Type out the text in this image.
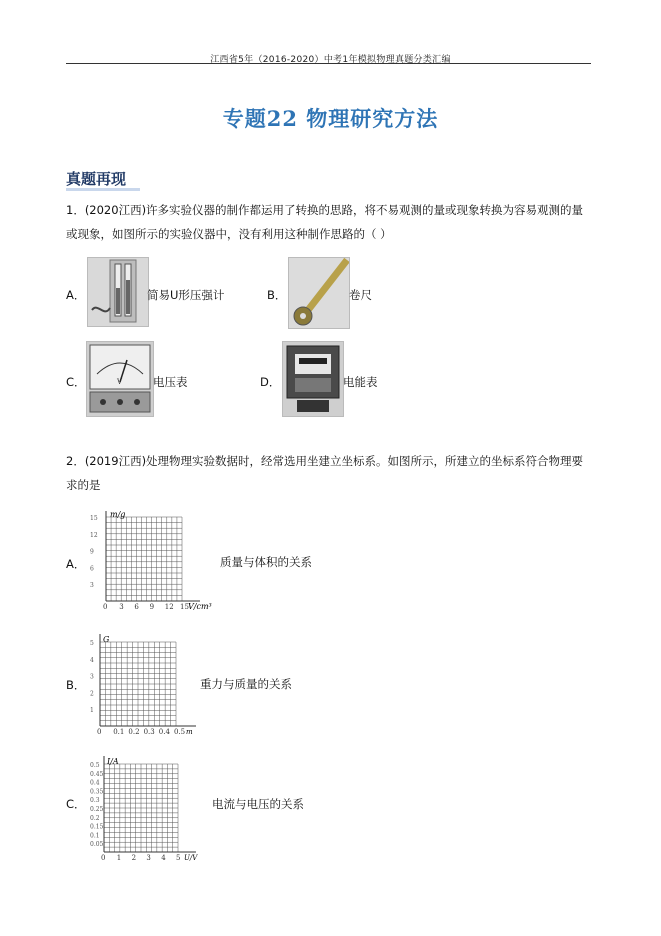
江西省5年（2016-2020）中考1年模拟物理真题分类汇编
专题22 物理研究方法
真题再现
1．(2020江西)许多实验仪器的制作都运用了转换的思路，将不易观测的量或现象转换为容易观测的量
或现象，如图所示的实验仪器中，没有利用这种制作思路的（ ）
A．	简易U形压强计	B．	卷尺
C．	V	电压表	D．	电能表
2．(2019江西)处理物理实验数据时，经常选用坐建立坐标系。如图所示，所建立的坐标系符合物理要
求的是
A．
m/g
V/cm³
0 3 6 9 12 15
15
12
9
6
3
质量与体积的关系
B．
G
m
0 0.1 0.2 0.3 0.4 0.5
5
4
3
2
1
重力与质量的关系
C．
I/A
U/V
0 1 2 3 4 5
0.5
0.45
0.4
0.35
0.3
0.25
0.2
0.15
0.1
0.05
电流与电压的关系
